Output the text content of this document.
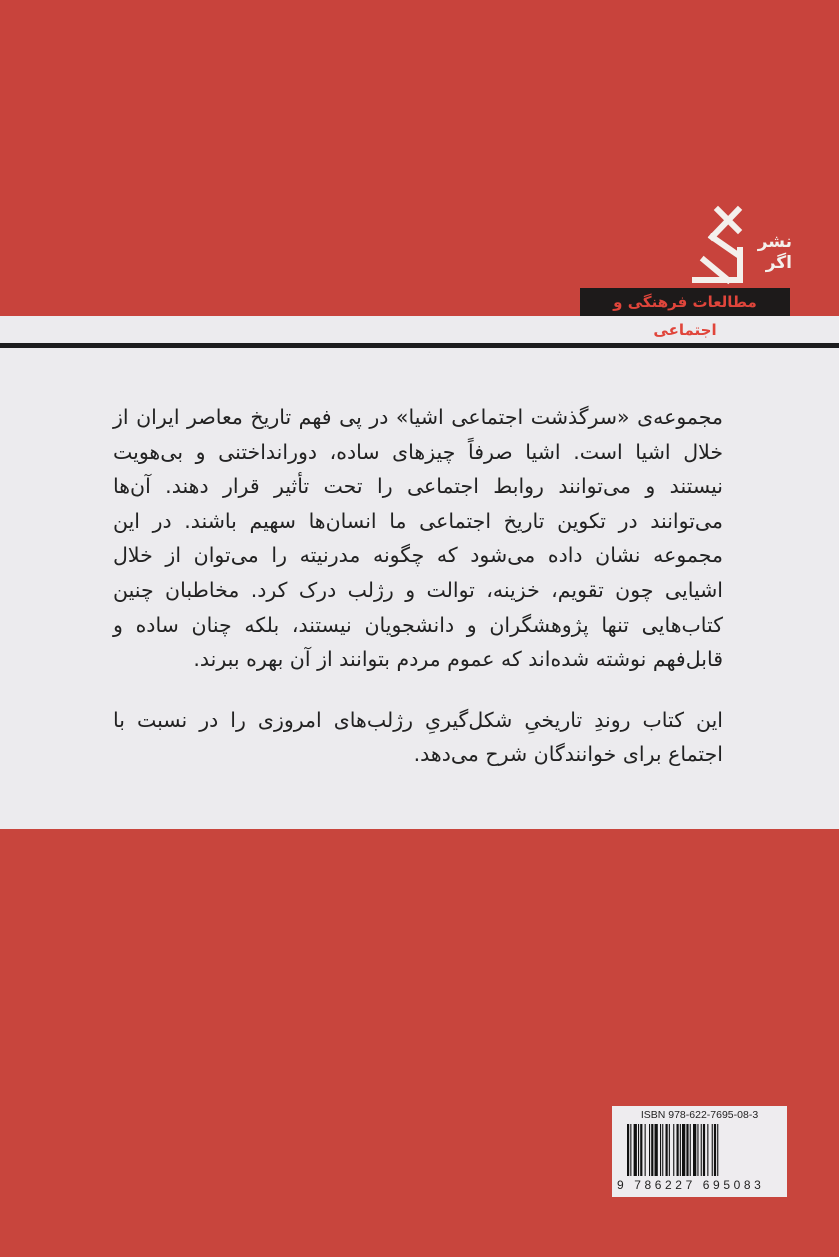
نشر
اگر
مطالعات فرهنگی و اجتماعی
مجموعه‌ی «سرگذشت اجتماعی اشیا» در پی فهم تاریخ معاصر ایران از
خلال اشیا است. اشیا صرفاً چیزهای ساده، دورانداختنی و بی‌هویت
نیستند و می‌توانند روابط اجتماعی را تحت تأثیر قرار دهند. آن‌ها
می‌توانند در تکوین تاریخ اجتماعی ما انسان‌ها سهیم باشند. در این
مجموعه نشان داده می‌شود که چگونه مدرنیته را می‌توان از خلال
اشیایی چون تقویم، خزینه، توالت و رژلب درک کرد. مخاطبان چنین
کتاب‌هایی تنها پژوهشگران و دانشجویان نیستند، بلکه چنان ساده و
قابل‌فهم نوشته شده‌اند که عموم مردم بتوانند از آن بهره ببرند.
این کتاب روندِ تاریخیِ شکل‌گیریِ رژلب‌های امروزی را در نسبت با
اجتماع برای خوانندگان شرح می‌دهد.
ISBN 978-622-7695-08-3
9 786227 695083
